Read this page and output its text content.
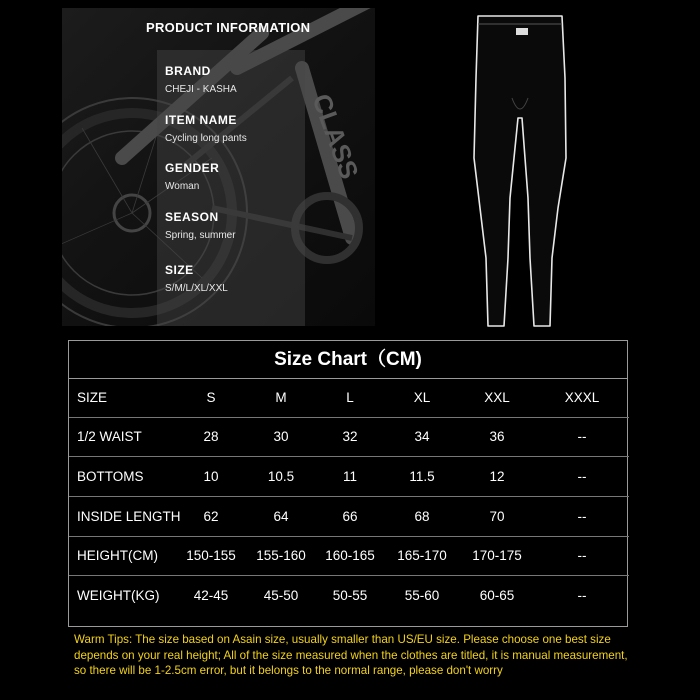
CLASS
PRODUCT INFORMATION
BRAND
CHEJI - KASHA
ITEM NAME
Cycling long pants
GENDER
Woman
SEASON
Spring, summer
SIZE
S/M/L/XL/XXL
Size Chart（CM)
SIZE	S	M	L	XL	XXL	XXXL
1/2 WAIST	28	30	32	34	36	--
BOTTOMS	10	10.5	11	11.5	12	--
INSIDE LENGTH	62	64	66	68	70	--
HEIGHT(CM)	150-155	155-160	160-165	165-170	170-175	--
WEIGHT(KG)	42-45	45-50	50-55	55-60	60-65	--
Warm Tips: The size based on Asain size, usually smaller than US/EU size. Please choose one best size depends on your real height; All of the size measured when the clothes are titled, it is manual measurement, so there will be 1-2.5cm error, but it belongs to the normal range, please don't worry
